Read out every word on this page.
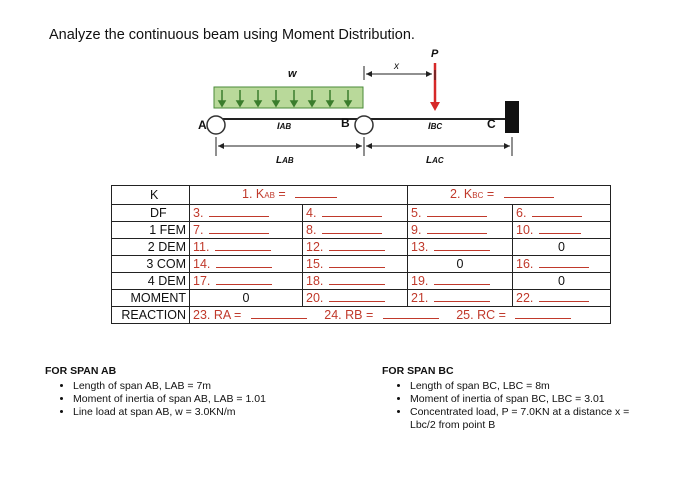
Analyze the continuous beam using Moment Distribution.
w
P
x
A	B	C
IAB	IBC
LAB	LAC
K	1. KAB =		2. KBC =	
DF	3.	4.	5.	6.
1 FEM	7.	8.	9.	10.
2 DEM	11.	12.	13.	0
3 COM	14.	15.	0	16.
4 DEM	17.	18.	19.	0
MOMENT	0	20.	21.	22.
REACTION	23. RA = 24. RB = 25. RC =			
FOR SPAN AB
• Length of span AB, LAB = 7m
• Moment of inertia of span AB, LAB = 1.01
• Line load at span AB, w = 3.0KN/m
FOR SPAN BC
• Length of span BC, LBC = 8m
• Moment of inertia of span BC, LBC = 3.01
• Concentrated load, P = 7.0KN at a distance x =
Lbc/2 from point B
